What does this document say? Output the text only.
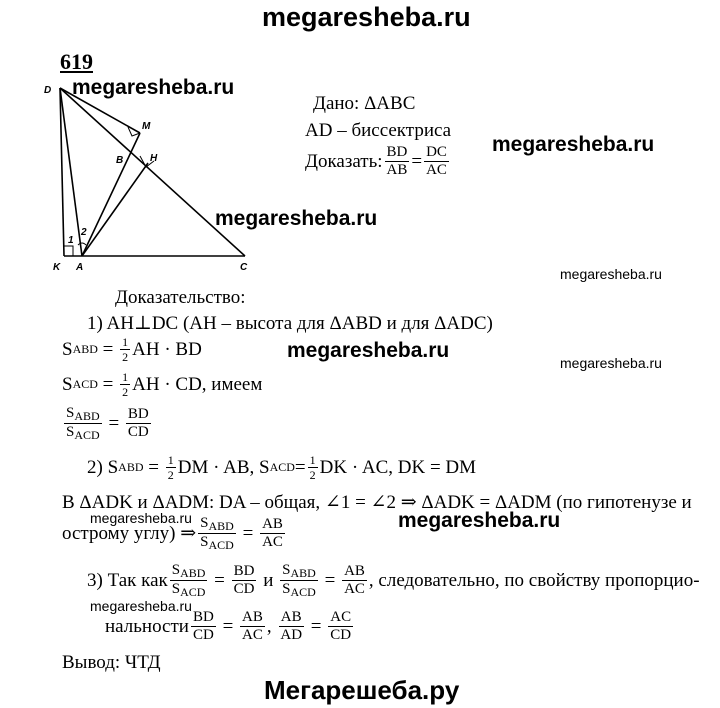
megaresheba.ru
619
D
M
B	H
K A	C
1
2
megaresheba.ru
megaresheba.ru
megaresheba.ru
megaresheba.ru
megaresheba.ru
megaresheba.ru
megaresheba.ru	megaresheba.ru
megaresheba.ru
Дано: ΔABC
AD – биссектриса
Доказать: $\frac{BD}{AB} = \frac{DC}{AC}$
Доказательство:
1) AH⊥DC (AH – высота для ΔABD и для ΔADC)
S ABD = $\frac{1}{2}$ AH · BD
S ACD = $\frac{1}{2}$ AH · CD, имеем
$\frac{S_{ABD}}{S_{ACD}} = \frac{BD}{CD}$
2) S ABD = $\frac{1}{2}$ DM · AB, S ACD = $\frac{1}{2}$ DK · AC, DK = DM
В ΔADK и ΔADM: DA – общая, ∠1 = ∠2 ⇒ ΔADK = ΔADM (по гипотенузе и
острому углу) ⇒ $\frac{S_{ABD}}{S_{ACD}} = \frac{AB}{AC}$
3) Так как $\frac{S_{ABD}}{S_{ACD}} = \frac{BD}{CD}$
и
$\frac{S_{ABD}}{S_{ACD}} = \frac{AB}{AC}$ , следовательно, по свойству пропорцио-
нальности $\frac{BD}{CD} = \frac{AB}{AC}$ , $\frac{AB}{AD} = \frac{AC}{CD}$
Вывод: ЧТД
Мегарешеба.ру
